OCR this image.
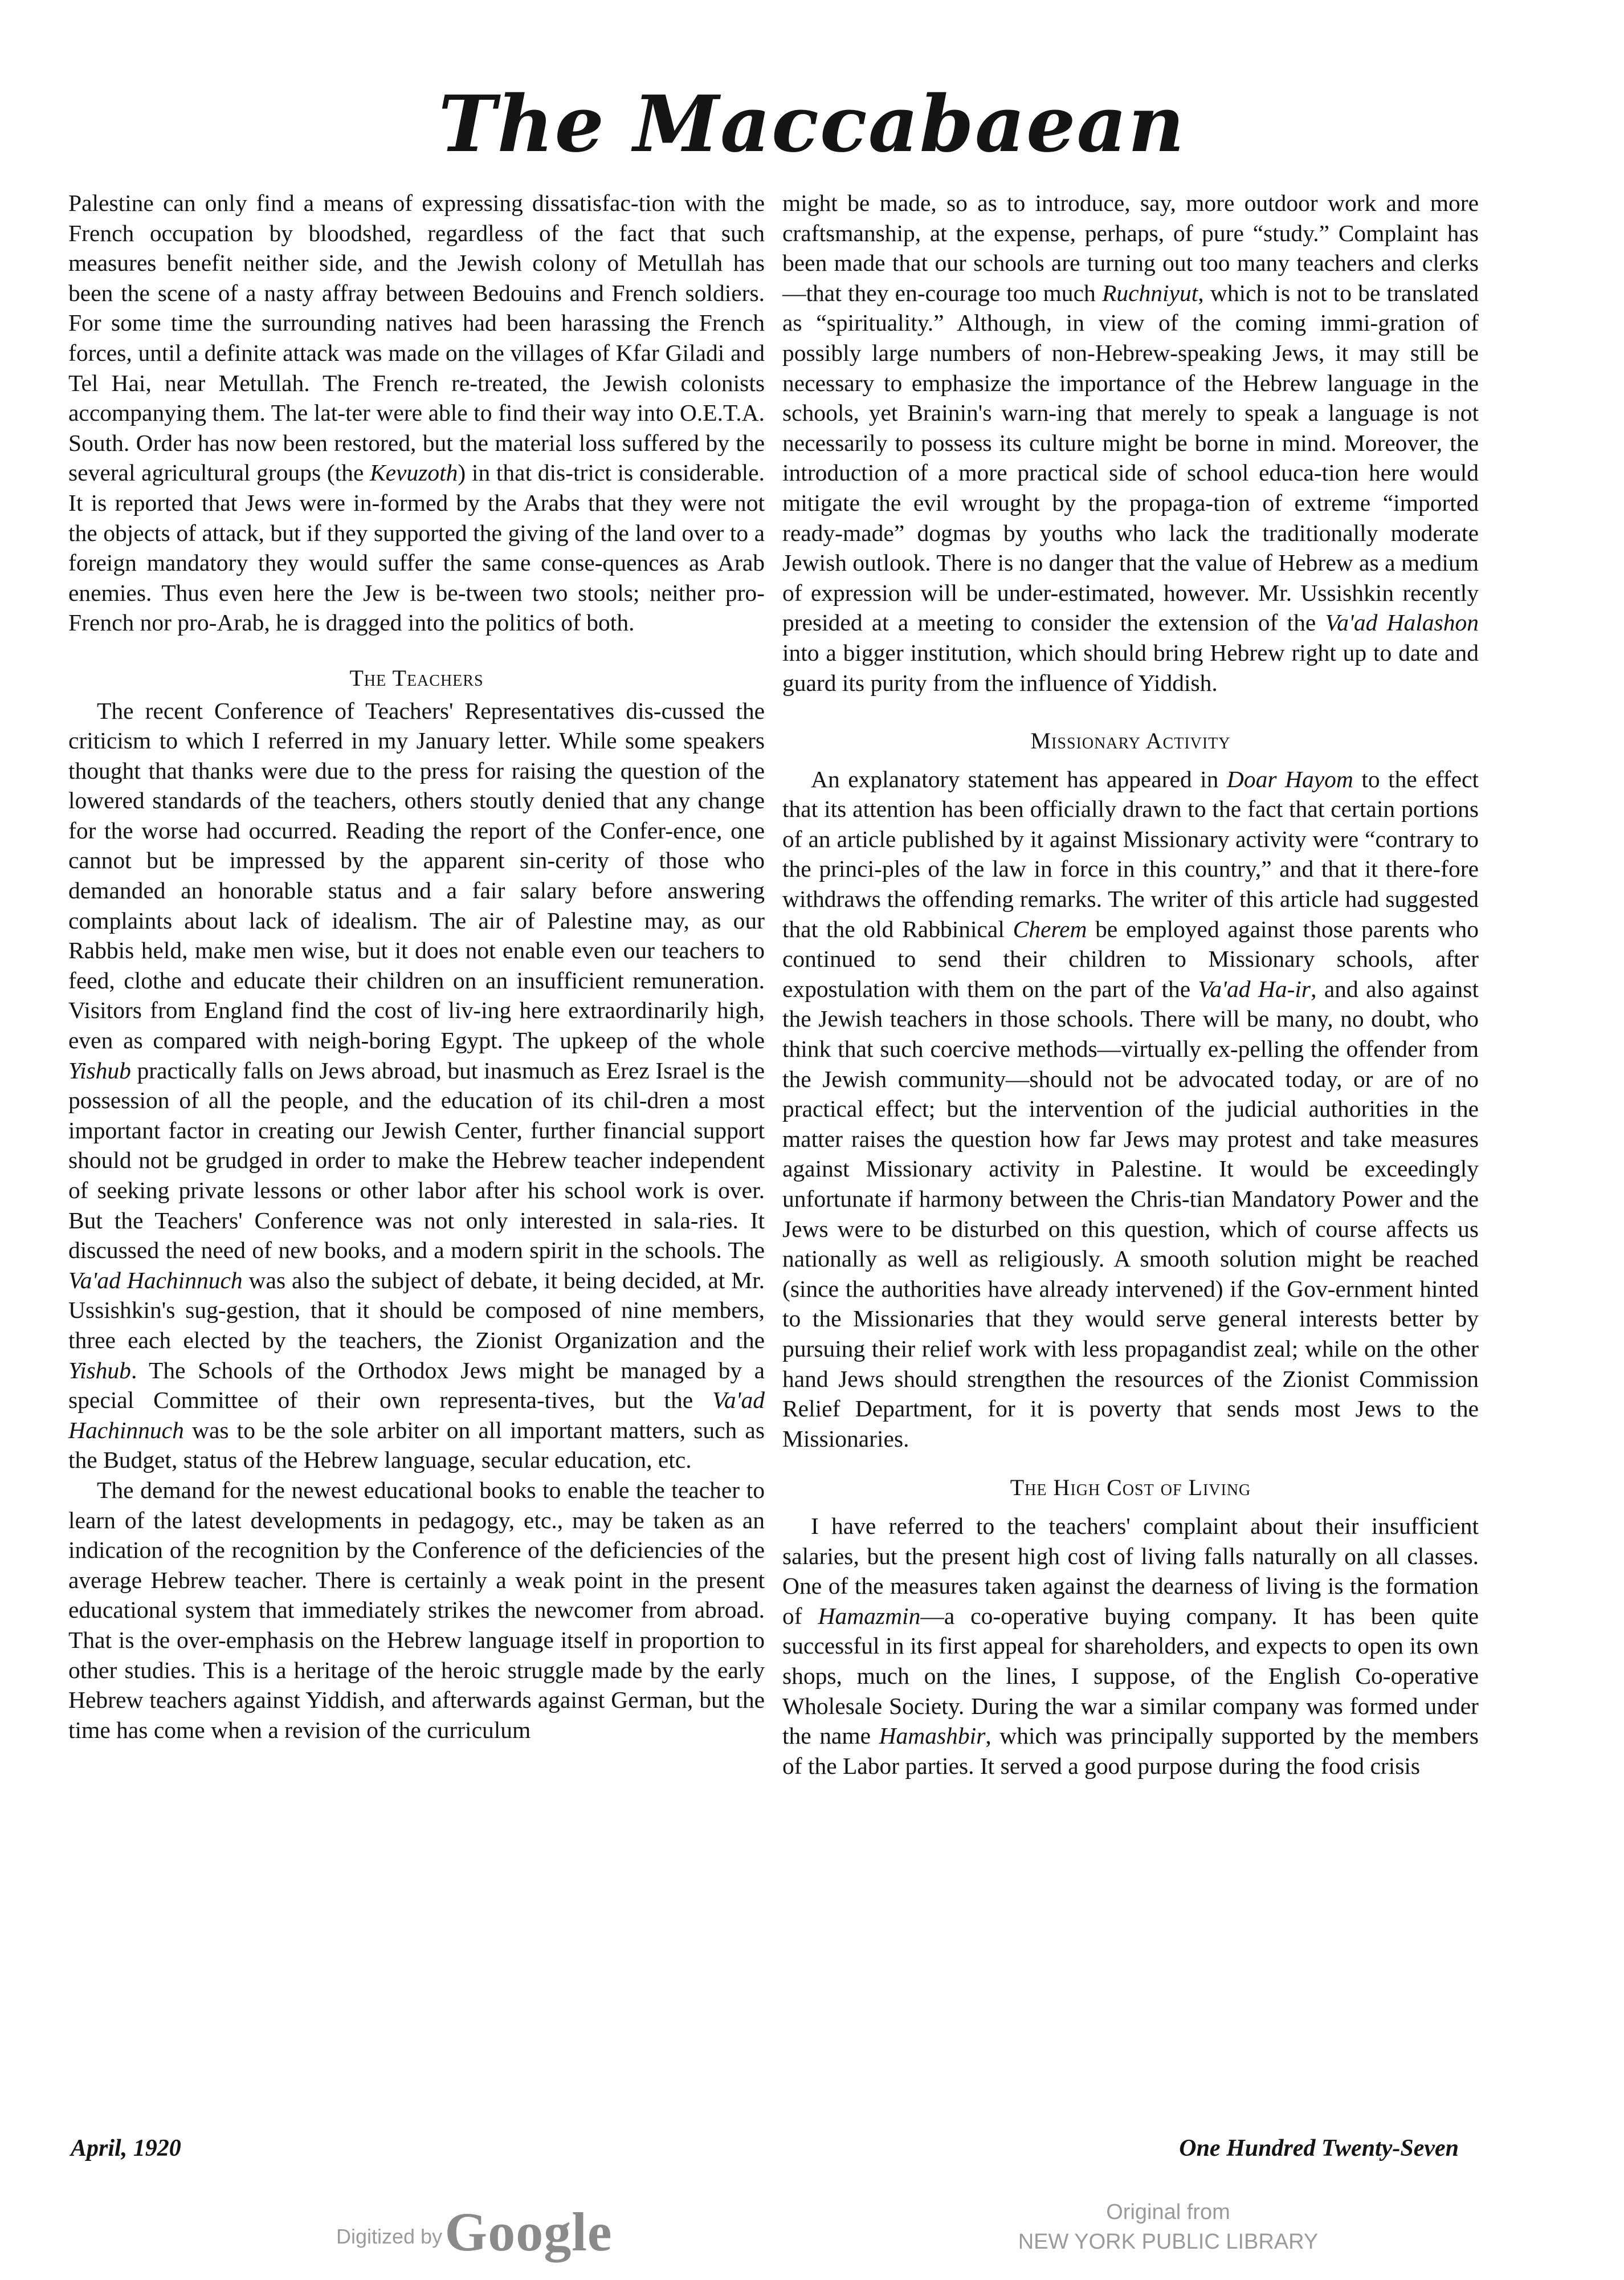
The Maccabaean

Palestine can only find a means of expressing dissatisfac-tion with the French occupation by bloodshed, regardless of the fact that such measures benefit neither side, and the Jewish colony of Metullah has been the scene of a nasty affray between Bedouins and French soldiers. For some time the surrounding natives had been harassing the French forces, until a definite attack was made on the villages of Kfar Giladi and Tel Hai, near Metullah. The French re-treated, the Jewish colonists accompanying them. The lat-ter were able to find their way into O.E.T.A. South. Order has now been restored, but the material loss suffered by the several agricultural groups (the Kevuzoth) in that dis-trict is considerable. It is reported that Jews were in-formed by the Arabs that they were not the objects of attack, but if they supported the giving of the land over to a foreign mandatory they would suffer the same conse-quences as Arab enemies. Thus even here the Jew is be-tween two stools; neither pro-French nor pro-Arab, he is dragged into the politics of both.

The Teachers

The recent Conference of Teachers' Representatives dis-cussed the criticism to which I referred in my January letter. While some speakers thought that thanks were due to the press for raising the question of the lowered standards of the teachers, others stoutly denied that any change for the worse had occurred. Reading the report of the Confer-ence, one cannot but be impressed by the apparent sin-cerity of those who demanded an honorable status and a fair salary before answering complaints about lack of idealism. The air of Palestine may, as our Rabbis held, make men wise, but it does not enable even our teachers to feed, clothe and educate their children on an insufficient remuneration. Visitors from England find the cost of liv-ing here extraordinarily high, even as compared with neigh-boring Egypt. The upkeep of the whole Yishub practically falls on Jews abroad, but inasmuch as Erez Israel is the possession of all the people, and the education of its chil-dren a most important factor in creating our Jewish Center, further financial support should not be grudged in order to make the Hebrew teacher independent of seeking private lessons or other labor after his school work is over. But the Teachers' Conference was not only interested in sala-ries. It discussed the need of new books, and a modern spirit in the schools. The Va'ad Hachinnuch was also the subject of debate, it being decided, at Mr. Ussishkin's sug-gestion, that it should be composed of nine members, three each elected by the teachers, the Zionist Organization and the Yishub. The Schools of the Orthodox Jews might be managed by a special Committee of their own representa-tives, but the Va'ad Hachinnuch was to be the sole arbiter on all important matters, such as the Budget, status of the Hebrew language, secular education, etc.

The demand for the newest educational books to enable the teacher to learn of the latest developments in pedagogy, etc., may be taken as an indication of the recognition by the Conference of the deficiencies of the average Hebrew teacher. There is certainly a weak point in the present educational system that immediately strikes the newcomer from abroad. That is the over-emphasis on the Hebrew language itself in proportion to other studies. This is a heritage of the heroic struggle made by the early Hebrew teachers against Yiddish, and afterwards against German, but the time has come when a revision of the curriculum

might be made, so as to introduce, say, more outdoor work and more craftsmanship, at the expense, perhaps, of pure “study.” Complaint has been made that our schools are turning out too many teachers and clerks—that they en-courage too much Ruchniyut, which is not to be translated as “spirituality.” Although, in view of the coming immi-gration of possibly large numbers of non-Hebrew-speaking Jews, it may still be necessary to emphasize the importance of the Hebrew language in the schools, yet Brainin's warn-ing that merely to speak a language is not necessarily to possess its culture might be borne in mind. Moreover, the introduction of a more practical side of school educa-tion here would mitigate the evil wrought by the propaga-tion of extreme “imported ready-made” dogmas by youths who lack the traditionally moderate Jewish outlook. There is no danger that the value of Hebrew as a medium of expression will be under-estimated, however. Mr. Ussishkin recently presided at a meeting to consider the extension of the Va'ad Halashon into a bigger institution, which should bring Hebrew right up to date and guard its purity from the influence of Yiddish.

Missionary Activity

An explanatory statement has appeared in Doar Hayom to the effect that its attention has been officially drawn to the fact that certain portions of an article published by it against Missionary activity were “contrary to the princi-ples of the law in force in this country,” and that it there-fore withdraws the offending remarks. The writer of this article had suggested that the old Rabbinical Cherem be employed against those parents who continued to send their children to Missionary schools, after expostulation with them on the part of the Va'ad Ha-ir, and also against the Jewish teachers in those schools. There will be many, no doubt, who think that such coercive methods—virtually ex-pelling the offender from the Jewish community—should not be advocated today, or are of no practical effect; but the intervention of the judicial authorities in the matter raises the question how far Jews may protest and take measures against Missionary activity in Palestine. It would be exceedingly unfortunate if harmony between the Chris-tian Mandatory Power and the Jews were to be disturbed on this question, which of course affects us nationally as well as religiously. A smooth solution might be reached (since the authorities have already intervened) if the Gov-ernment hinted to the Missionaries that they would serve general interests better by pursuing their relief work with less propagandist zeal; while on the other hand Jews should strengthen the resources of the Zionist Commission Relief Department, for it is poverty that sends most Jews to the Missionaries.

The High Cost of Living

I have referred to the teachers' complaint about their insufficient salaries, but the present high cost of living falls naturally on all classes. One of the measures taken against the dearness of living is the formation of Hamazmin—a co-operative buying company. It has been quite successful in its first appeal for shareholders, and expects to open its own shops, much on the lines, I suppose, of the English Co-operative Wholesale Society. During the war a similar company was formed under the name Hamashbir, which was principally supported by the members of the Labor parties. It served a good purpose during the food crisis

April, 1920	One Hundred Twenty-Seven
Digitized by Google	Original from
NEW YORK PUBLIC LIBRARY
